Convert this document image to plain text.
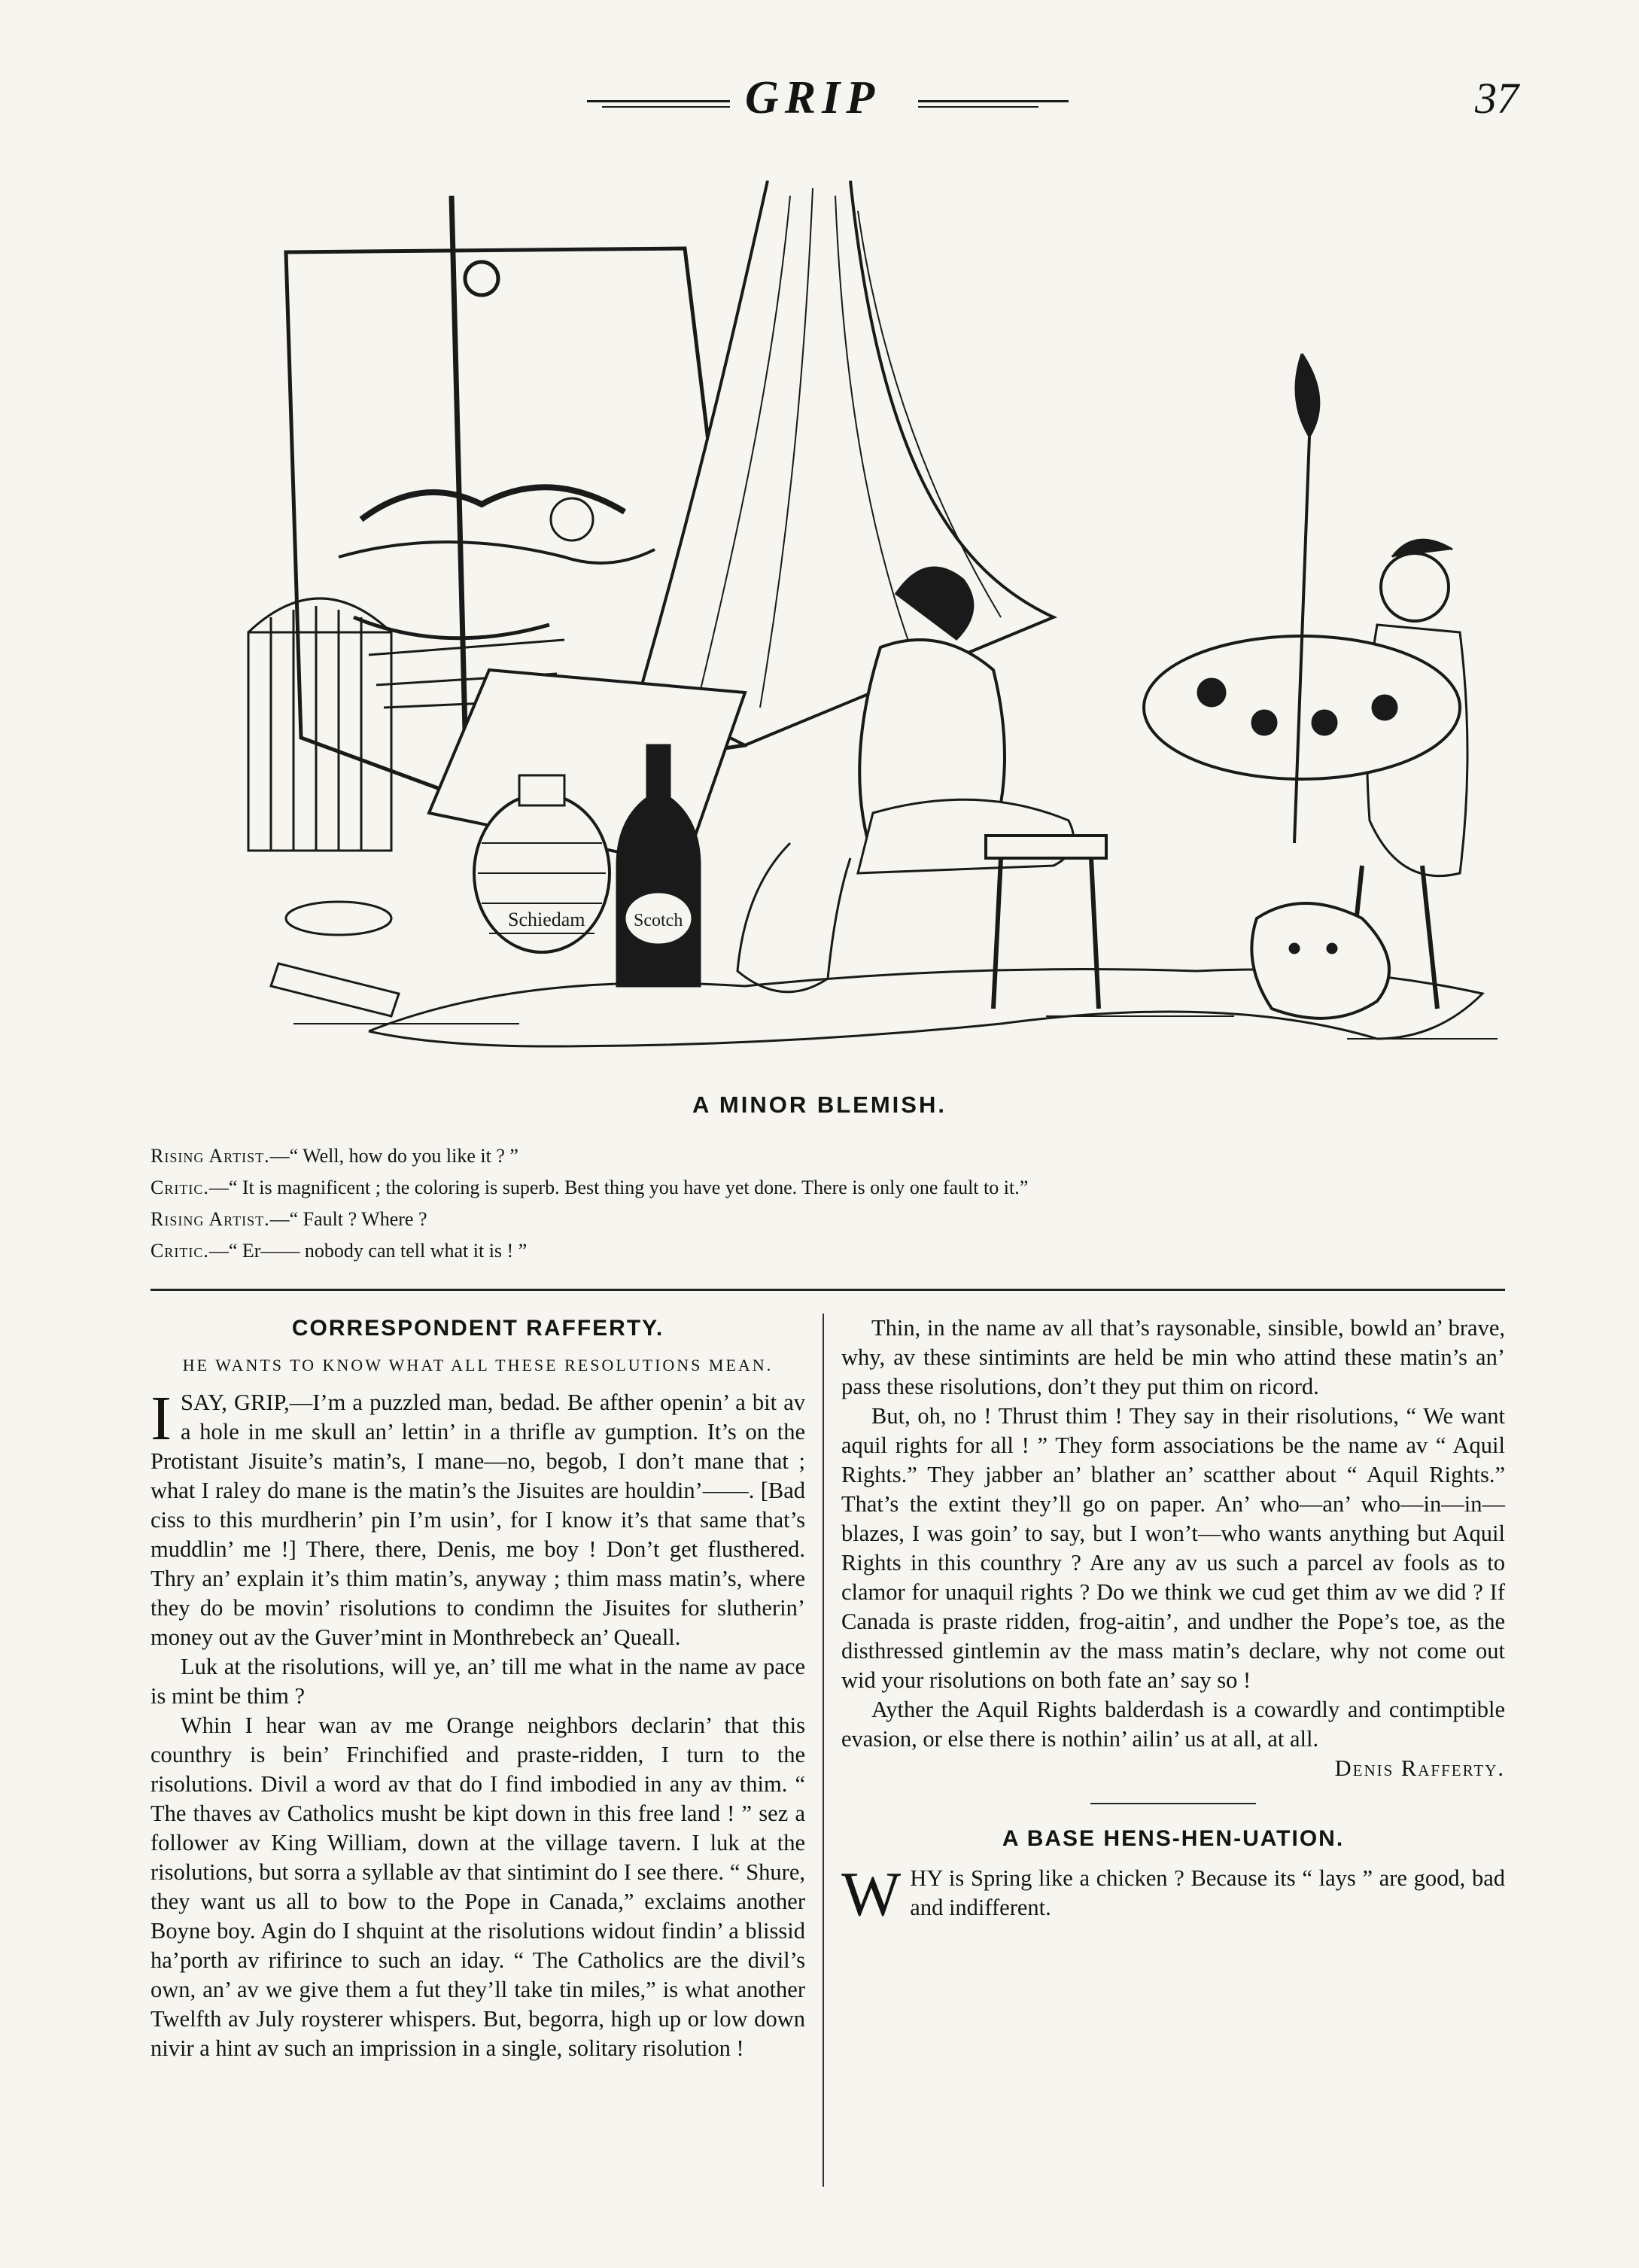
GRIP	37
Schiedam	Scotch
A MINOR BLEMISH.
Rising Artist.—“ Well, how do you like it ? ”
Critic.—“ It is magnificent ; the coloring is superb. Best thing you have yet done. There is only one fault to it.”
Rising Artist.—“ Fault ? Where ?
Critic.—“ Er—— nobody can tell what it is ! ”
CORRESPONDENT RAFFERTY.
HE WANTS TO KNOW WHAT ALL THESE RESOLUTIONS MEAN.

I SAY, GRIP,—I’m a puzzled man, bedad. Be afther openin’ a bit av a hole in me skull an’ lettin’ in a thrifle av gumption. It’s on the Protistant Jisuite’s matin’s, I mane—no, begob, I don’t mane that ; what I raley do mane is the matin’s the Jisuites are houldin’——. [Bad ciss to this murdherin’ pin I’m usin’, for I know it’s that same that’s muddlin’ me !] There, there, Denis, me boy ! Don’t get flusthered. Thry an’ explain it’s thim matin’s, anyway ; thim mass matin’s, where they do be movin’ risolutions to condimn the Jisuites for slutherin’ money out av the Guver’mint in Monthrebeck an’ Queall.

Luk at the risolutions, will ye, an’ till me what in the name av pace is mint be thim ?

Whin I hear wan av me Orange neighbors declarin’ that this counthry is bein’ Frinchified and praste-ridden, I turn to the risolutions. Divil a word av that do I find imbodied in any av thim. “ The thaves av Catholics musht be kipt down in this free land ! ” sez a follower av King William, down at the village tavern. I luk at the risolutions, but sorra a syllable av that sintimint do I see there. “ Shure, they want us all to bow to the Pope in Canada,” exclaims another Boyne boy. Agin do I shquint at the risolutions widout findin’ a blissid ha’porth av rifirince to such an iday. “ The Catholics are the divil’s own, an’ av we give them a fut they’ll take tin miles,” is what another Twelfth av July roysterer whispers. But, begorra, high up or low down nivir a hint av such an imprission in a single, solitary risolution !

Thin, in the name av all that’s raysonable, sinsible, bowld an’ brave, why, av these sintimints are held be min who attind these matin’s an’ pass these risolutions, don’t they put thim on ricord.

But, oh, no ! Thrust thim ! They say in their risolutions, “ We want aquil rights for all ! ” They form associations be the name av “ Aquil Rights.” They jabber an’ blather an’ scatther about “ Aquil Rights.” That’s the extint they’ll go on paper. An’ who—an’ who—in—in—blazes, I was goin’ to say, but I won’t—who wants anything but Aquil Rights in this counthry ? Are any av us such a parcel av fools as to clamor for unaquil rights ? Do we think we cud get thim av we did ? If Canada is praste ridden, frog-aitin’, and undher the Pope’s toe, as the disthressed gintlemin av the mass matin’s declare, why not come out wid your risolutions on both fate an’ say so !

Ayther the Aquil Rights balderdash is a cowardly and contimptible evasion, or else there is nothin’ ailin’ us at all, at all.

Denis Rafferty.
A BASE HENS-HEN-UATION.

WHY is Spring like a chicken ? Because its “ lays ” are good, bad and indifferent.
